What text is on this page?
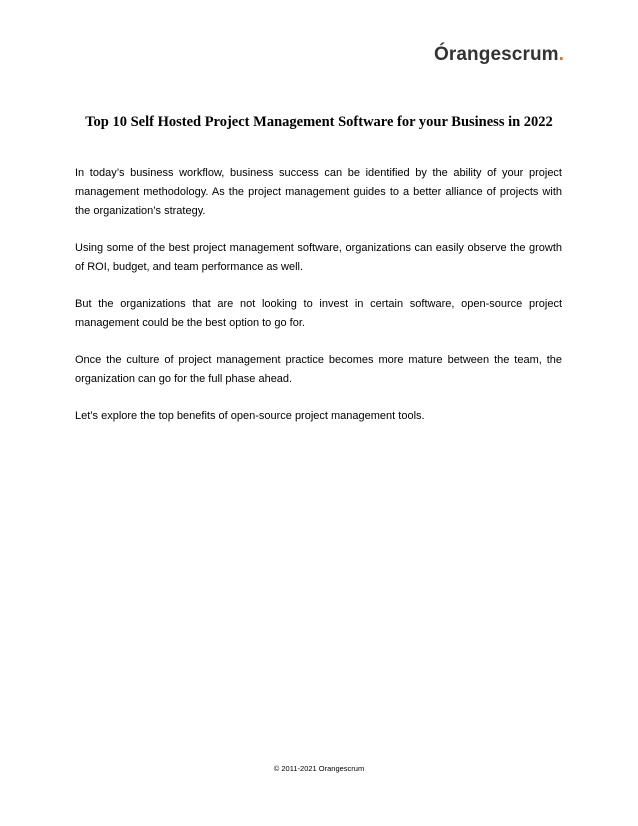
Órangescrum .
Top 10 Self Hosted Project Management Software for your Business in 2022

In today’s business workflow, business success can be identified by the ability of your project management methodology. As the project management guides to a better alliance of projects with the organization’s strategy.

Using some of the best project management software, organizations can easily observe the growth of ROI, budget, and team performance as well.

But the organizations that are not looking to invest in certain software, open-source project management could be the best option to go for.

Once the culture of project management practice becomes more mature between the team, the organization can go for the full phase ahead.

Let’s explore the top benefits of open-source project management tools.

© 2011-2021 Orangescrum
